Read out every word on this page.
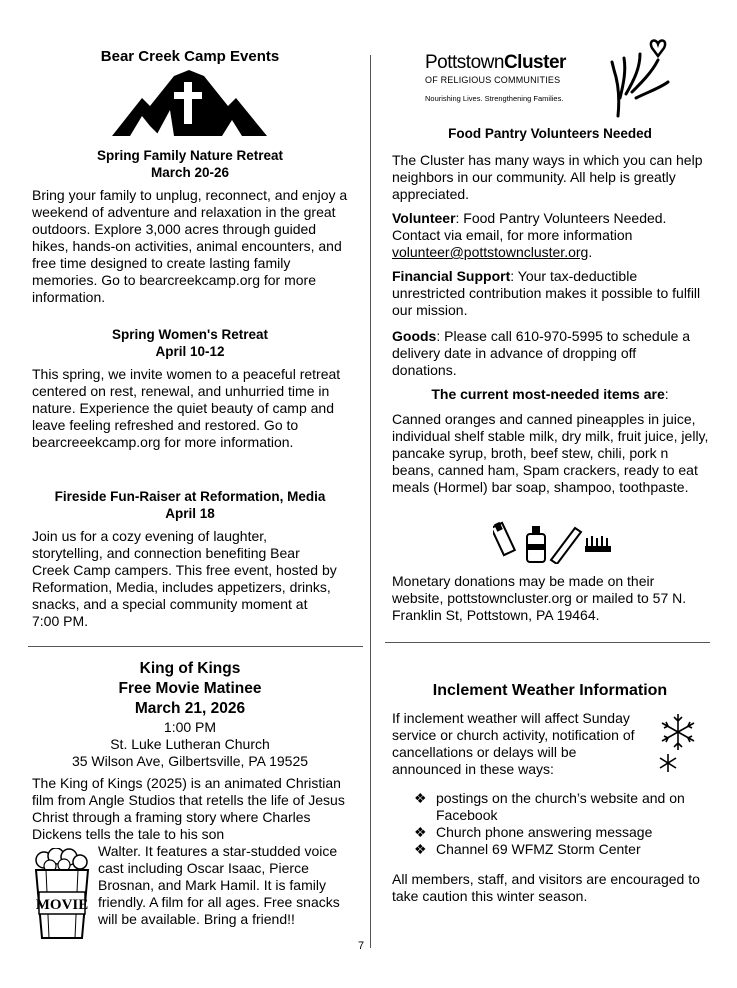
Bear Creek Camp Events
Spring Family Nature Retreat
March 20-26

Bring your family to unplug, reconnect, and enjoy a weekend of adventure and relaxation in the great outdoors. Explore 3,000 acres through guided hikes, hands-on activities, animal encounters, and free time designed to create lasting family memories. Go to bearcreekcamp.org for more information.

Spring Women's Retreat
April 10-12

This spring, we invite women to a peaceful retreat centered on rest, renewal, and unhurried time in nature. Experience the quiet beauty of camp and leave feeling refreshed and restored. Go to bearcreeekcamp.org for more information.

Fireside Fun-Raiser at Reformation, Media
April 18

Join us for a cozy evening of laughter, storytelling, and connection benefiting Bear Creek Camp campers. This free event, hosted by Reformation, Media, includes appetizers, drinks, snacks, and a special community moment at 7:00 PM.

King of Kings
Free Movie Matinee
March 21, 2026
1:00 PM
St. Luke Lutheran Church
35 Wilson Ave, Gilbertsville, PA 19525

The King of Kings (2025) is an animated Christian film from Angle Studios that retells the life of Jesus Christ through a framing story where Charles Dickens tells the tale to his son

MOVIE

Walter. It features a star-studded voice cast including Oscar Isaac, Pierce Brosnan, and Mark Hamil. It is family friendly. A film for all ages. Free snacks will be available. Bring a friend!!

PottstownCluster
OF RELIGIOUS COMMUNITIES
Nourishing Lives. Strengthening Families.
Food Pantry Volunteers Needed

The Cluster has many ways in which you can help neighbors in our community. All help is greatly appreciated.

Volunteer: Food Pantry Volunteers Needed. Contact via email, for more information volunteer@pottstowncluster.org.

Financial Support: Your tax-deductible unrestricted contribution makes it possible to fulfill our mission.

Goods: Please call 610-970-5995 to schedule a delivery date in advance of dropping off donations.

The current most-needed items are:

Canned oranges and canned pineapples in juice, individual shelf stable milk, dry milk, fruit juice, jelly, pancake syrup, broth, beef stew, chili, pork n beans, canned ham, Spam crackers, ready to eat meals (Hormel) bar soap, shampoo, toothpaste.

Monetary donations may be made on their website, pottstowncluster.org or mailed to 57 N. Franklin St, Pottstown, PA 19464.

Inclement Weather Information

If inclement weather will affect Sunday service or church activity, notification of cancellations or delays will be announced in these ways:

❖ postings on the church’s website and on Facebook
❖ Church phone answering message
❖ Channel 69 WFMZ Storm Center

All members, staff, and visitors are encouraged to take caution this winter season.

7
